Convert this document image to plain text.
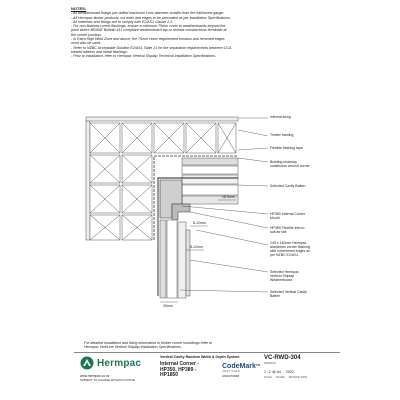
NOTES:
- All weatherboard fixings pre-drilled maximum 1mm diameter smaller than the nail/screw gauge.
- All Hermpac timber products, cut ends and edges to be precoated as per installation Specifications.
- All materials and fixings are to comply with E2/AS1 Clause 2.2.
- For non-finished corner flashings, ensure a minimum 75mm cover to weatherboards beyond the
point where BRANZ Bulletin 411 compliant weatherboard tap or reveals constructions terminate at
the corner junction.
- In Extra High Wind Zone and above, the 75mm cover requirement remains and hemmed edges
must also be used.
- Refer to NZBC Acceptable Solution E2/AS1 Table 21 for the separation requirements between CCA
treated battens and metal flashings.
- Prior to installation, refer to Hermpac Vertical Shiplap Technical Installation Specifications.
Internal lining
Timber framing
Flexible flashing tape
Building underlay
continuous around corner
Selected Cavity Batten
HP350 Internal Corner
Mould
HP389 Flexible trim to
suit as site
140 x 140mm Hermpac
aluminium corner flashing
with unhemmed edges as
per NZBC E2/AS1
Selected Hermpac
Vertical Shiplap
Weatherboard
Selected Vertical Cavity
Batten
18.5mm
8-12mm
8-12mm
25mm
For detailed installation and fixing information of timber corner mouldings refer to
Hermpac VertiLine Vertical Shiplap Installation Specifications.
Hermpac
www.hermpac.co.nz
SUBJECT TO CHANGE WITHOUT NOTICE
Vertical Cavity Random Width & Depth System
Internal Corner -
HP350, HP389 -
HP1850
CodeMark™
CERTIFIED
CMNZ70008
VC-RWD-304
DRAWING
1 : 2 @ A4 2022
SCALE ISSUED REVISION DATE
